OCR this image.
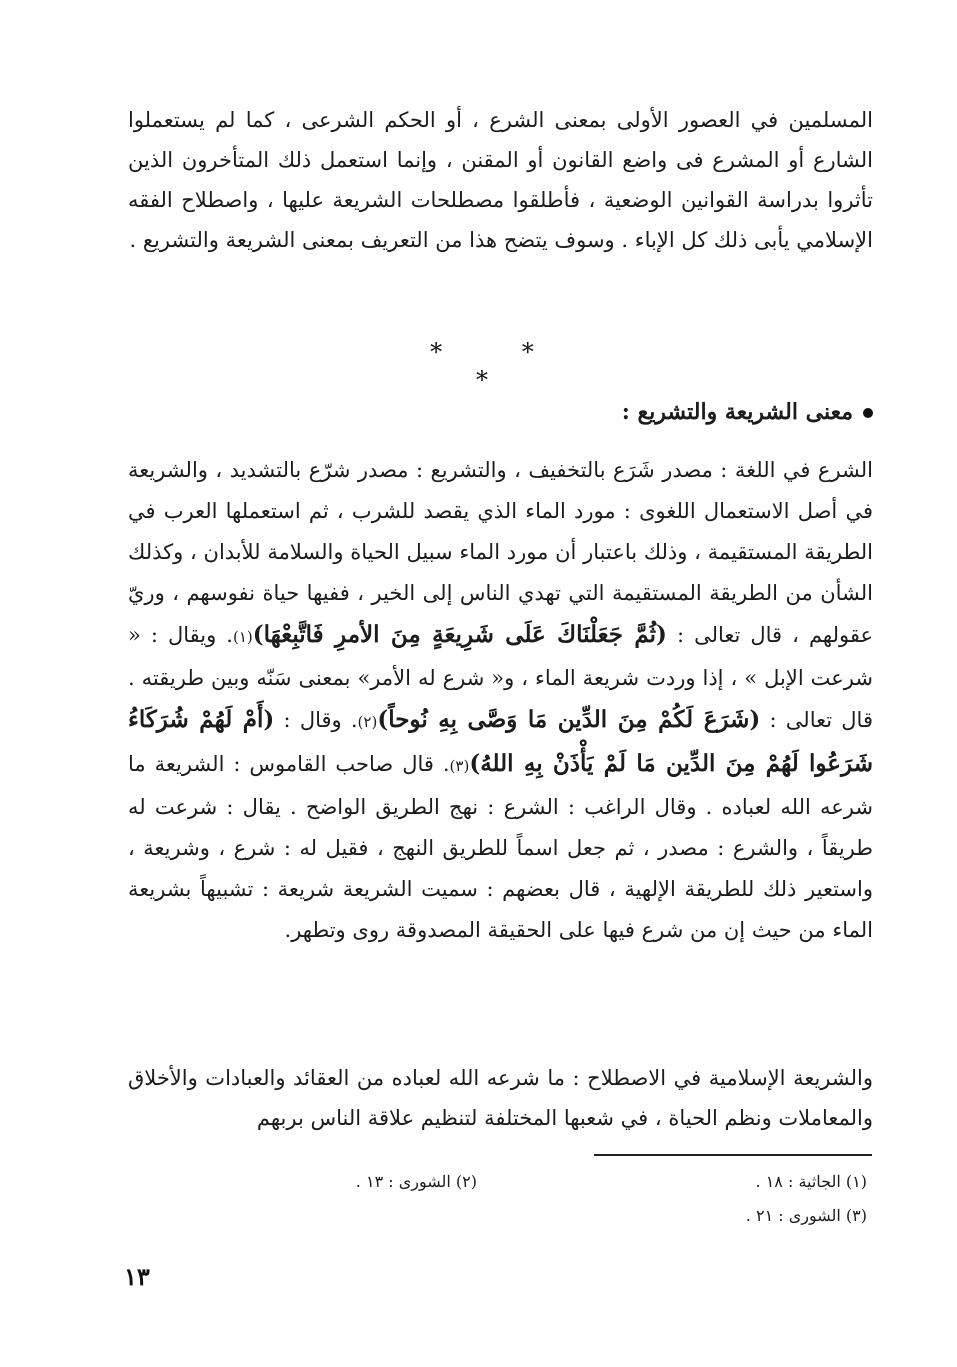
المسلمين في العصور الأولى بمعنى الشرع ، أو الحكم الشرعى ، كما لم يستعملوا الشارع أو المشرع فى واضع القانون أو المقنن ، وإنما استعمل ذلك المتأخرون الذين تأثروا بدراسة القوانين الوضعية ، فأطلقوا مصطلحات الشريعة عليها ، واصطلاح الفقه الإسلامي يأبى ذلك كل الإباء . وسوف يتضح هذا من التعريف بمعنى الشريعة والتشريع .

* * *
معنى الشريعة والتشريع :

الشرع في اللغة : مصدر شَرَع بالتخفيف ، والتشريع : مصدر شرّع بالتشديد ، والشريعة في أصل الاستعمال اللغوى : مورد الماء الذي يقصد للشرب ، ثم استعملها العرب في الطريقة المستقيمة ، وذلك باعتبار أن مورد الماء سبيل الحياة والسلامة للأبدان ، وكذلك الشأن من الطريقة المستقيمة التي تهدي الناس إلى الخير ، ففيها حياة نفوسهم ، وريّ عقولهم ، قال تعالى : (ثُمَّ جَعَلْنَاكَ عَلَى شَرِيعَةٍ مِنَ الأمرِ فَاتَّبِعْهَا)(١). ويقال : « شرعت الإبل » ، إذا وردت شريعة الماء ، و« شرع له الأمر» بمعنى سَنّه وبين طريقته . قال تعالى : (شَرَعَ لَكُمْ مِنَ الدِّين مَا وَصَّى بِهِ نُوحاً)(٢). وقال : (أَمْ لَهُمْ شُرَكَاءُ شَرَعُوا لَهُمْ مِنَ الدِّين مَا لَمْ يَأْذَنْ بِهِ اللهُ)(٣). قال صاحب القاموس : الشريعة ما شرعه الله لعباده . وقال الراغب : الشرع : نهج الطريق الواضح . يقال : شرعت له طريقاً ، والشرع : مصدر ، ثم جعل اسماً للطريق النهج ، فقيل له : شرع ، وشريعة ، واستعير ذلك للطريقة الإلهية ، قال بعضهم : سميت الشريعة شريعة : تشبيهاً بشريعة الماء من حيث إن من شرع فيها على الحقيقة المصدوقة روى وتطهر.

والشريعة الإسلامية في الاصطلاح : ما شرعه الله لعباده من العقائد والعبادات والأخلاق والمعاملات ونظم الحياة ، في شعبها المختلفة لتنظيم علاقة الناس بربهم

(١) الجاثية : ١٨ .
(٢) الشورى : ١٣ .
(٣) الشورى : ٢١ .
١٣
